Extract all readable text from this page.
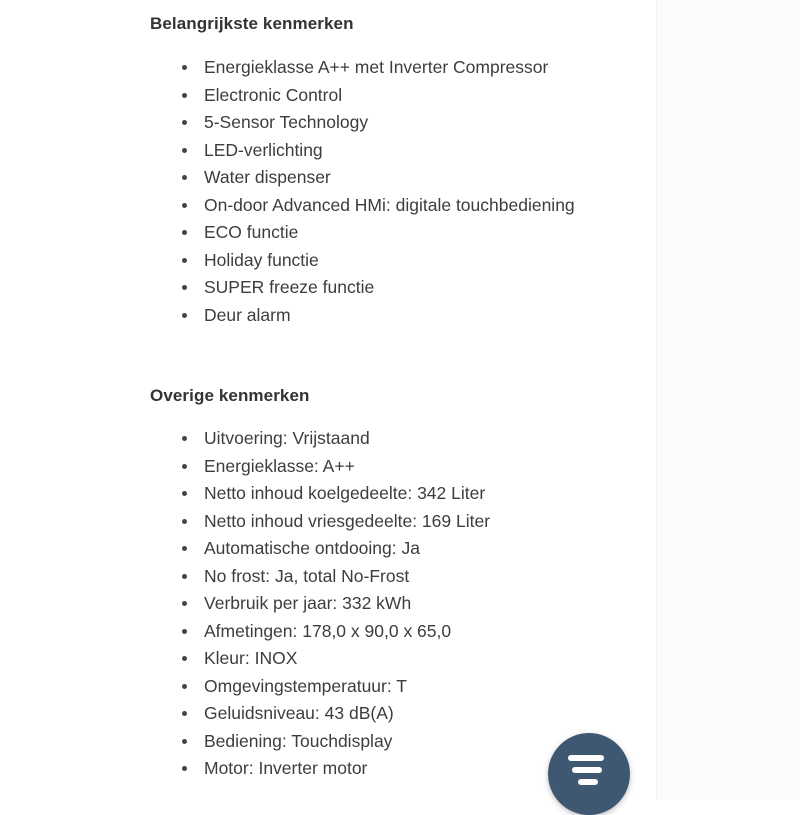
Belangrijkste kenmerken
Energieklasse A++ met Inverter Compressor
Electronic Control
5-Sensor Technology
LED-verlichting
Water dispenser
On-door Advanced HMi: digitale touchbediening
ECO functie
Holiday functie
SUPER freeze functie
Deur alarm
Overige kenmerken
Uitvoering: Vrijstaand
Energieklasse: A++
Netto inhoud koelgedeelte: 342 Liter
Netto inhoud vriesgedeelte: 169 Liter
Automatische ontdooing: Ja
No frost: Ja, total No-Frost
Verbruik per jaar: 332 kWh
Afmetingen: 178,0 x 90,0 x 65,0
Kleur: INOX
Omgevingstemperatuur: T
Geluidsniveau: 43 dB(A)
Bediening: Touchdisplay
Motor: Inverter motor
